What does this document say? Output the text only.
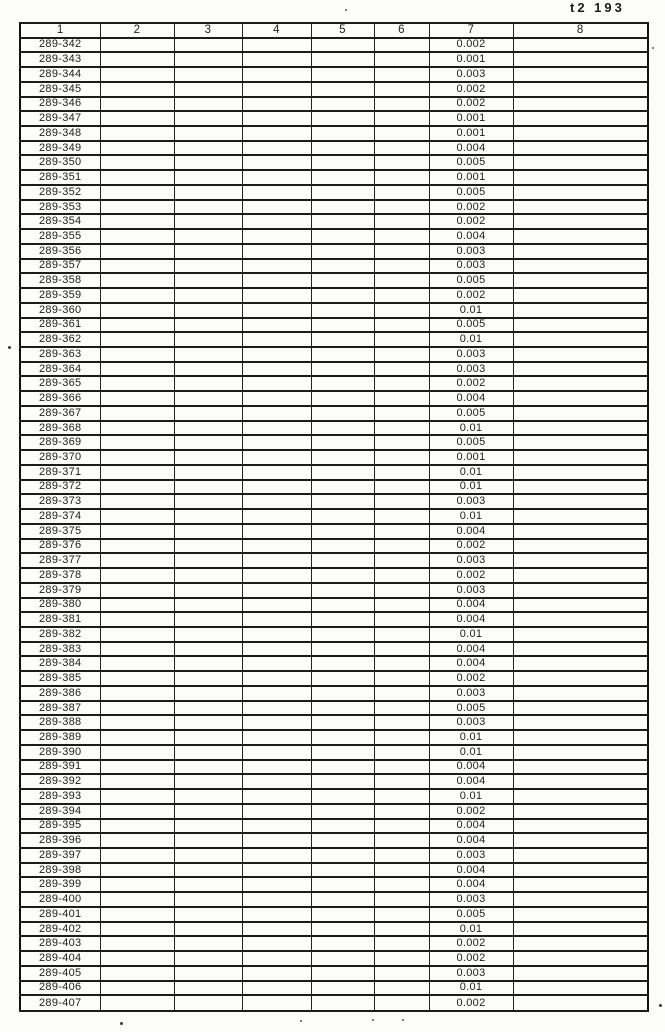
t2 193
1	2	3	4	5	6	7	8
289-342						0.002	
289-343						0.001	
289-344						0.003	
289-345						0.002	
289-346						0.002	
289-347						0.001	
289-348						0.001	
289-349						0.004	
289-350						0.005	
289-351						0.001	
289-352						0.005	
289-353						0.002	
289-354						0.002	
289-355						0.004	
289-356						0.003	
289-357						0.003	
289-358						0.005	
289-359						0.002	
289-360						0.01	
289-361						0.005	
289-362						0.01	
289-363						0.003	
289-364						0.003	
289-365						0.002	
289-366						0.004	
289-367						0.005	
289-368						0.01	
289-369						0.005	
289-370						0.001	
289-371						0.01	
289-372						0.01	
289-373						0.003	
289-374						0.01	
289-375						0.004	
289-376						0.002	
289-377						0.003	
289-378						0.002	
289-379						0.003	
289-380						0.004	
289-381						0.004	
289-382						0.01	
289-383						0.004	
289-384						0.004	
289-385						0.002	
289-386						0.003	
289-387						0.005	
289-388						0.003	
289-389						0.01	
289-390						0.01	
289-391						0.004	
289-392						0.004	
289-393						0.01	
289-394						0.002	
289-395						0.004	
289-396						0.004	
289-397						0.003	
289-398						0.004	
289-399						0.004	
289-400						0.003	
289-401						0.005	
289-402						0.01	
289-403						0.002	
289-404						0.002	
289-405						0.003	
289-406						0.01	
289-407						0.002	
